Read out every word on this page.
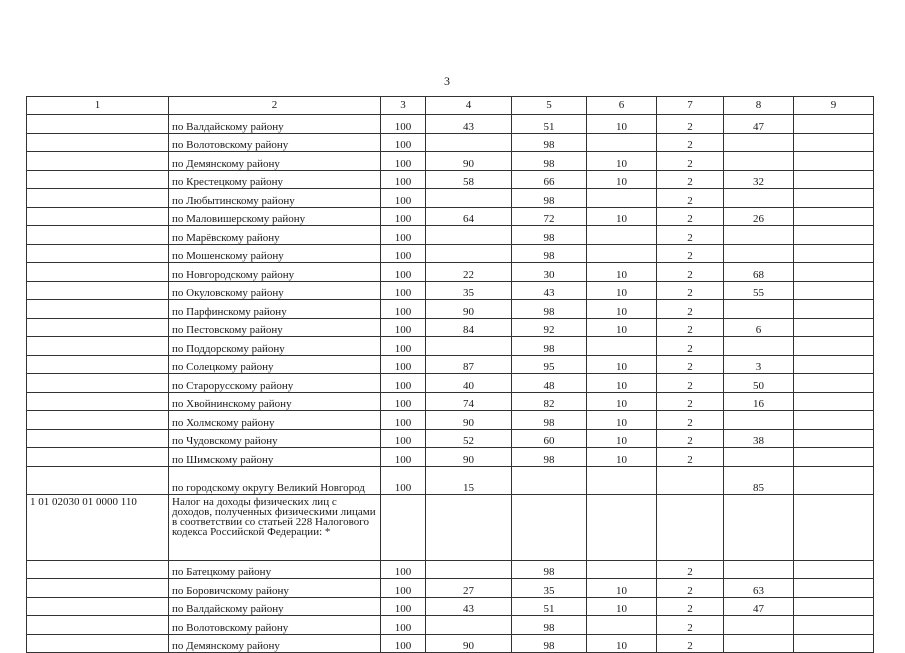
3
1	2	3	4	5	6	7	8	9
	по Валдайскому району	100	43	51	10	2	47	
	по Волотовскому району	100		98		2		
	по Демянскому району	100	90	98	10	2		
	по Крестецкому району	100	58	66	10	2	32	
	по Любытинскому району	100		98		2		
	по Маловишерскому району	100	64	72	10	2	26	
	по Марёвскому району	100		98		2		
	по Мошенскому району	100		98		2		
	по Новгородскому району	100	22	30	10	2	68	
	по Окуловскому району	100	35	43	10	2	55	
	по Парфинскому району	100	90	98	10	2		
	по Пестовскому району	100	84	92	10	2	6	
	по Поддорскому району	100		98		2		
	по Солецкому району	100	87	95	10	2	3	
	по Старорусскому району	100	40	48	10	2	50	
	по Хвойнинскому району	100	74	82	10	2	16	
	по Холмскому району	100	90	98	10	2		
	по Чудовскому району	100	52	60	10	2	38	
	по Шимскому району	100	90	98	10	2		
	по городскому округу Великий Новгород	100	15				85	
1 01 02030 01 0000 110	Налог на доходы физических лиц с доходов, полученных физическими лицами в соответствии со статьей 228 Налогового кодекса Российской Федерации: *							
	по Батецкому району	100		98		2		
	по Боровичскому району	100	27	35	10	2	63	
	по Валдайскому району	100	43	51	10	2	47	
	по Волотовскому району	100		98		2		
	по Демянскому району	100	90	98	10	2		
